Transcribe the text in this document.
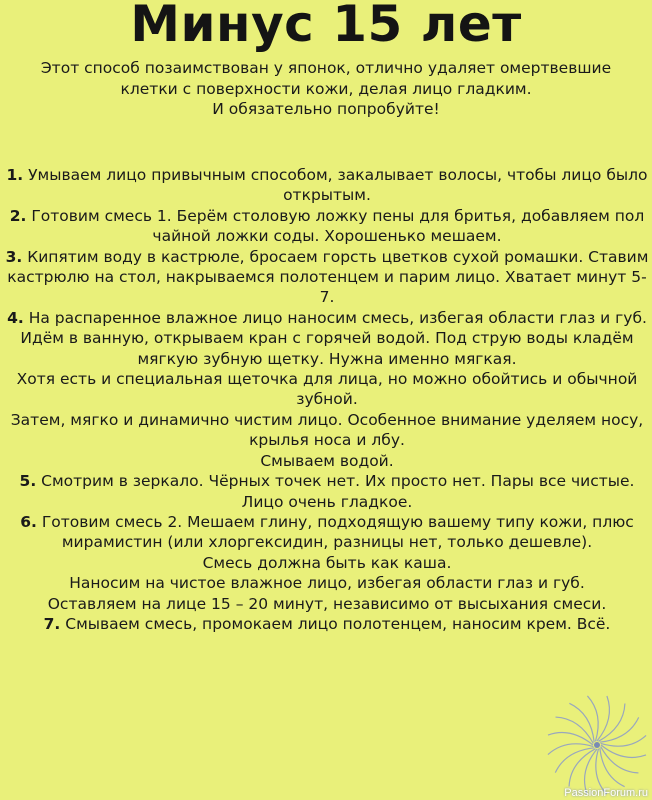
Минус 15 лет

Этот способ позаимствован у японок, отлично удаляет омертвевшие клетки с поверхности кожи, делая лицо гладким.

И обязательно попробуйте!

1. Умываем лицо привычным способом, закалывает волосы, чтобы лицо было открытым.

2. Готовим смесь 1. Берём столовую ложку пены для бритья, добавляем пол чайной ложки соды. Хорошенько мешаем.

3. Кипятим воду в кастрюле, бросаем горсть цветков сухой ромашки. Ставим кастрюлю на стол, накрываемся полотенцем и парим лицо. Хватает минут 5-7.

4. На распаренное влажное лицо наносим смесь, избегая области глаз и губ.

Идём в ванную, открываем кран с горячей водой. Под струю воды кладём мягкую зубную щетку. Нужна именно мягкая.

Хотя есть и специальная щеточка для лица, но можно обойтись и обычной зубной.

Затем, мягко и динамично чистим лицо. Особенное внимание уделяем носу, крылья носа и лбу.

Смываем водой.

5. Смотрим в зеркало. Чёрных точек нет. Их просто нет. Пары все чистые. Лицо очень гладкое.

6. Готовим смесь 2. Мешаем глину, подходящую вашему типу кожи, плюс мирамистин (или хлоргексидин, разницы нет, только дешевле).

Смесь должна быть как каша.

Наносим на чистое влажное лицо, избегая области глаз и губ.

Оставляем на лице 15 – 20 минут, независимо от высыхания смеси.

7. Смываем смесь, промокаем лицо полотенцем, наносим крем. Всё.

PassionForum.ru
